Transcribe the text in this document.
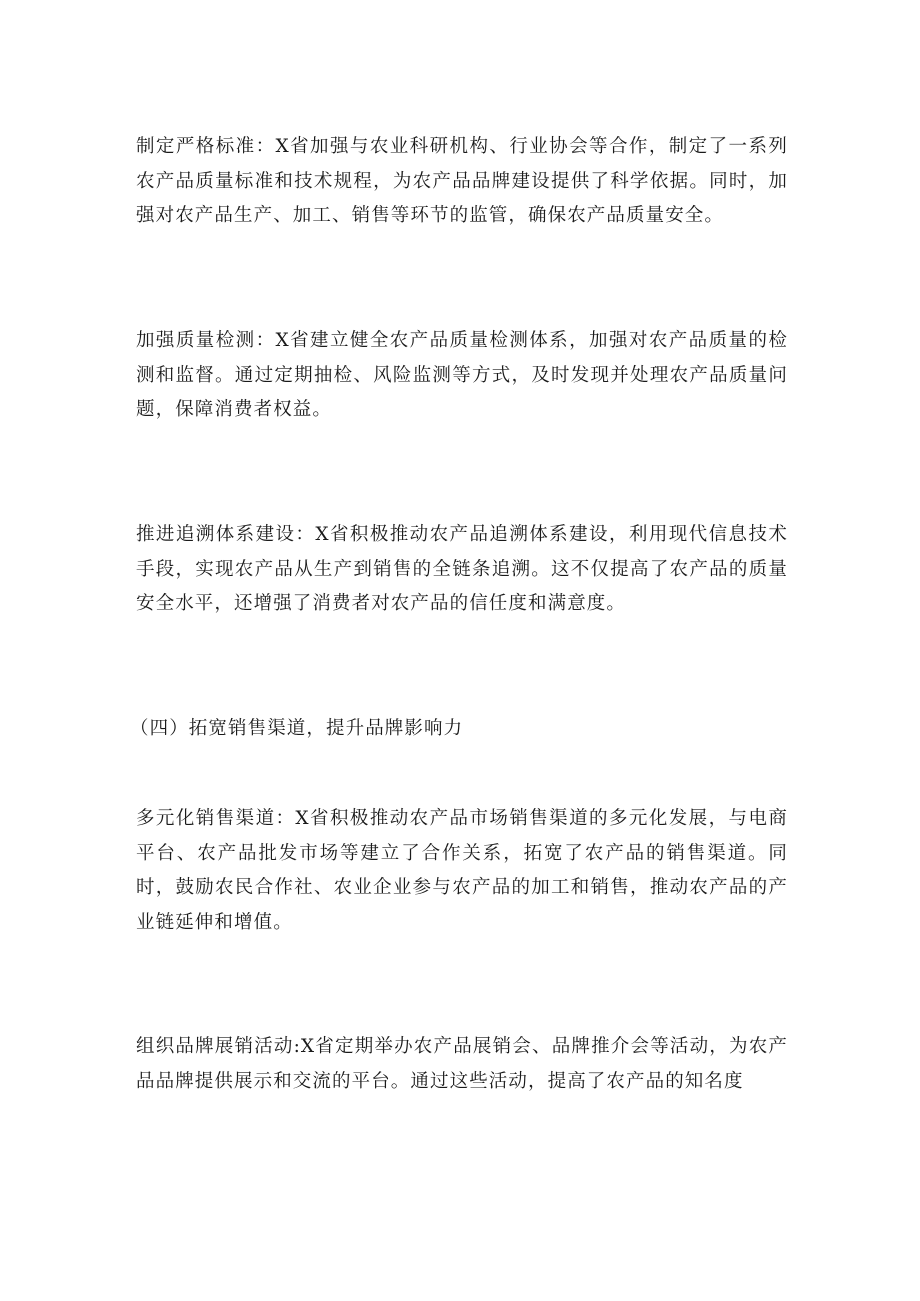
制定严格标准：X省加强与农业科研机构、行业协会等合作，制定了一系列农产品质量标准和技术规程，为农产品品牌建设提供了科学依据。同时，加强对农产品生产、加工、销售等环节的监管，确保农产品质量安全。

加强质量检测：X省建立健全农产品质量检测体系，加强对农产品质量的检测和监督。通过定期抽检、风险监测等方式，及时发现并处理农产品质量问题，保障消费者权益。

推进追溯体系建设：X省积极推动农产品追溯体系建设，利用现代信息技术手段，实现农产品从生产到销售的全链条追溯。这不仅提高了农产品的质量安全水平，还增强了消费者对农产品的信任度和满意度。

（四）拓宽销售渠道，提升品牌影响力

多元化销售渠道：X省积极推动农产品市场销售渠道的多元化发展，与电商平台、农产品批发市场等建立了合作关系，拓宽了农产品的销售渠道。同时，鼓励农民合作社、农业企业参与农产品的加工和销售，推动农产品的产业链延伸和增值。

组织品牌展销活动:X省定期举办农产品展销会、品牌推介会等活动，为农产品品牌提供展示和交流的平台。通过这些活动，提高了农产品的知名度
